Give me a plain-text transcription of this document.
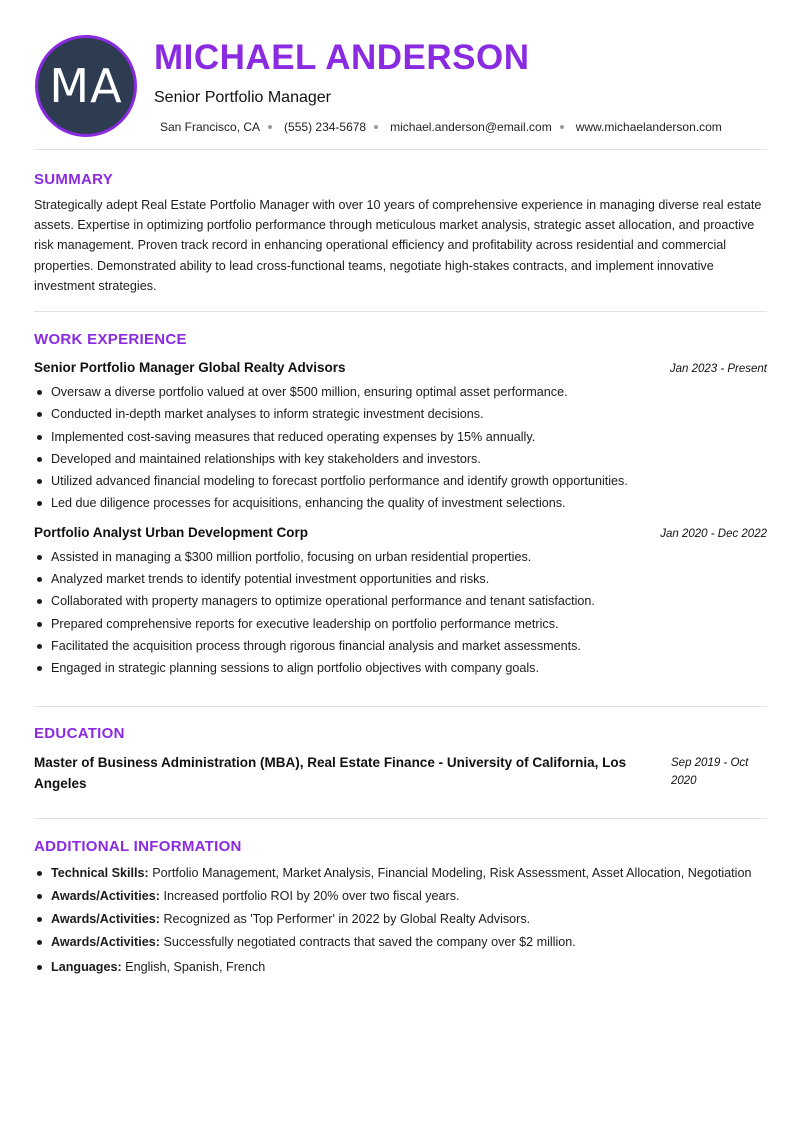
MA
MICHAEL ANDERSON
Senior Portfolio Manager
San Francisco, CA (555) 234-5678 michael.anderson@email.com www.michaelanderson.com
SUMMARY

Strategically adept Real Estate Portfolio Manager with over 10 years of comprehensive experience in managing diverse real estate assets. Expertise in optimizing portfolio performance through meticulous market analysis, strategic asset allocation, and proactive risk management. Proven track record in enhancing operational efficiency and profitability across residential and commercial properties. Demonstrated ability to lead cross-functional teams, negotiate high-stakes contracts, and implement innovative investment strategies.

WORK EXPERIENCE
Senior Portfolio Manager Global Realty Advisors	Jan 2023 - Present
Oversaw a diverse portfolio valued at over $500 million, ensuring optimal asset performance.
Conducted in-depth market analyses to inform strategic investment decisions.
Implemented cost-saving measures that reduced operating expenses by 15% annually.
Developed and maintained relationships with key stakeholders and investors.
Utilized advanced financial modeling to forecast portfolio performance and identify growth opportunities.
Led due diligence processes for acquisitions, enhancing the quality of investment selections.
Portfolio Analyst Urban Development Corp	Jan 2020 - Dec 2022
Assisted in managing a $300 million portfolio, focusing on urban residential properties.
Analyzed market trends to identify potential investment opportunities and risks.
Collaborated with property managers to optimize operational performance and tenant satisfaction.
Prepared comprehensive reports for executive leadership on portfolio performance metrics.
Facilitated the acquisition process through rigorous financial analysis and market assessments.
Engaged in strategic planning sessions to align portfolio objectives with company goals.
EDUCATION
Master of Business Administration (MBA), Real Estate Finance - University of California, Los Angeles
Sep 2019 - Oct 2020
ADDITIONAL INFORMATION
Technical Skills: Portfolio Management, Market Analysis, Financial Modeling, Risk Assessment, Asset Allocation, Negotiation
Awards/Activities: Increased portfolio ROI by 20% over two fiscal years.
Awards/Activities: Recognized as 'Top Performer' in 2022 by Global Realty Advisors.
Awards/Activities: Successfully negotiated contracts that saved the company over $2 million.
Languages: English, Spanish, French
